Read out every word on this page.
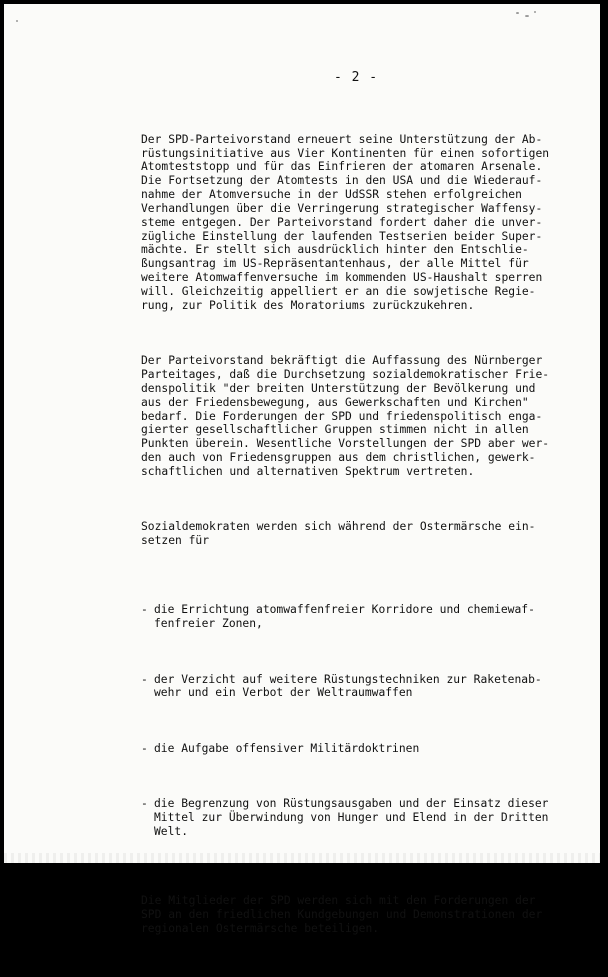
- 2 -

Der SPD-Parteivorstand erneuert seine Unterstützung der Ab-
rüstungsinitiative aus Vier Kontinenten für einen sofortigen
Atomteststopp und für das Einfrieren der atomaren Arsenale.
Die Fortsetzung der Atomtests in den USA und die Wiederauf-
nahme der Atomversuche in der UdSSR stehen erfolgreichen
Verhandlungen über die Verringerung strategischer Waffensy-
steme entgegen. Der Parteivorstand fordert daher die unver-
zügliche Einstellung der laufenden Testserien beider Super-
mächte. Er stellt sich ausdrücklich hinter den Entschlie-
ßungsantrag im US-Repräsentantenhaus, der alle Mittel für
weitere Atomwaffenversuche im kommenden US-Haushalt sperren
will. Gleichzeitig appelliert er an die sowjetische Regie-
rung, zur Politik des Moratoriums zurückzukehren.

Der Parteivorstand bekräftigt die Auffassung des Nürnberger
Parteitages, daß die Durchsetzung sozialdemokratischer Frie-
denspolitik "der breiten Unterstützung der Bevölkerung und
aus der Friedensbewegung, aus Gewerkschaften und Kirchen"
bedarf. Die Forderungen der SPD und friedenspolitisch enga-
gierter gesellschaftlicher Gruppen stimmen nicht in allen
Punkten überein. Wesentliche Vorstellungen der SPD aber wer-
den auch von Friedensgruppen aus dem christlichen, gewerk-
schaftlichen und alternativen Spektrum vertreten.

Sozialdemokraten werden sich während der Ostermärsche ein-
setzen für

- die Errichtung atomwaffenfreier Korridore und chemiewaf-
fenfreier Zonen,

- der Verzicht auf weitere Rüstungstechniken zur Raketenab-
wehr und ein Verbot der Weltraumwaffen

- die Aufgabe offensiver Militärdoktrinen

- die Begrenzung von Rüstungsausgaben und der Einsatz dieser
Mittel zur Überwindung von Hunger und Elend in der Dritten
Welt.

Die Mitglieder der SPD werden sich mit den Forderungen der
SPD an den friedlichen Kundgebungen und Demonstrationen der
regionalen Ostermärsche beteiligen.
